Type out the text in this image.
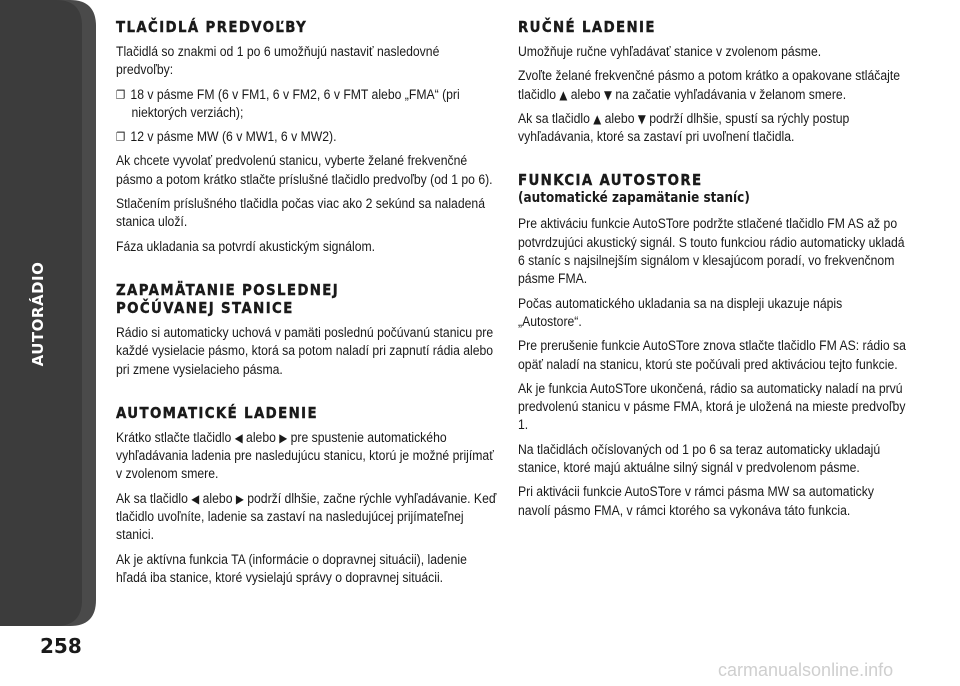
AUTORÁDIO
258
TLAČIDLÁ PREDVOĽBY

Tlačidlá so znakmi od 1 po 6 umožňujú nastaviť nasledovné predvoľby:

❐ 18 v pásme FM (6 v FM1, 6 v FM2, 6 v FMT alebo „FMA“ (pri niektorých verziách);

❐ 12 v pásme MW (6 v MW1, 6 v MW2).

Ak chcete vyvolať predvolenú stanicu, vyberte želané frekvenčné pásmo a potom krátko stlačte príslušné tlačidlo predvoľby (od 1 po 6).

Stlačením príslušného tlačidla počas viac ako 2 sekúnd sa naladená stanica uloží.

Fáza ukladania sa potvrdí akustickým signálom.

ZAPAMÄTANIE POSLEDNEJ
POČÚVANEJ STANICE

Rádio si automaticky uchová v pamäti poslednú počúvanú stanicu pre každé vysielacie pásmo, ktorá sa potom naladí pri zapnutí rádia alebo pri zmene vysielacieho pásma.

AUTOMATICKÉ LADENIE

Krátko stlačte tlačidlo ◀ alebo ▶ pre spustenie automatického vyhľadávania ladenia pre nasledujúcu stanicu, ktorú je možné prijímať v zvolenom smere.

Ak sa tlačidlo ◀ alebo ▶ podrží dlhšie, začne rýchle vyhľadávanie. Keď tlačidlo uvoľníte, ladenie sa zastaví na nasledujúcej prijímateľnej stanici.

Ak je aktívna funkcia TA (informácie o dopravnej situácii), ladenie hľadá iba stanice, ktoré vysielajú správy o dopravnej situácii.

RUČNÉ LADENIE

Umožňuje ručne vyhľadávať stanice v zvolenom pásme.

Zvoľte želané frekvenčné pásmo a potom krátko a opakovane stláčajte tlačidlo ▲ alebo ▼ na začatie vyhľadávania v želanom smere.

Ak sa tlačidlo ▲ alebo ▼ podrží dlhšie, spustí sa rýchly postup vyhľadávania, ktoré sa zastaví pri uvoľnení tlačidla.

FUNKCIA AUTOSTORE
(automatické zapamätanie staníc)

Pre aktiváciu funkcie AutoSTore podržte stlačené tlačidlo FM AS až po potvrdzujúci akustický signál. S touto funkciou rádio automaticky ukladá 6 staníc s najsilnejším signálom v klesajúcom poradí, vo frekvenčnom pásme FMA.

Počas automatického ukladania sa na displeji ukazuje nápis „Autostore“.

Pre prerušenie funkcie AutoSTore znova stlačte tlačidlo FM AS: rádio sa opäť naladí na stanicu, ktorú ste počúvali pred aktiváciou tejto funkcie.

Ak je funkcia AutoSTore ukončená, rádio sa automaticky naladí na prvú predvolenú stanicu v pásme FMA, ktorá je uložená na mieste predvoľby 1.

Na tlačidlách očíslovaných od 1 po 6 sa teraz automaticky ukladajú stanice, ktoré majú aktuálne silný signál v predvolenom pásme.

Pri aktivácii funkcie AutoSTore v rámci pásma MW sa automaticky navolí pásmo FMA, v rámci ktorého sa vykonáva táto funkcia.

carmanualsonline.info
